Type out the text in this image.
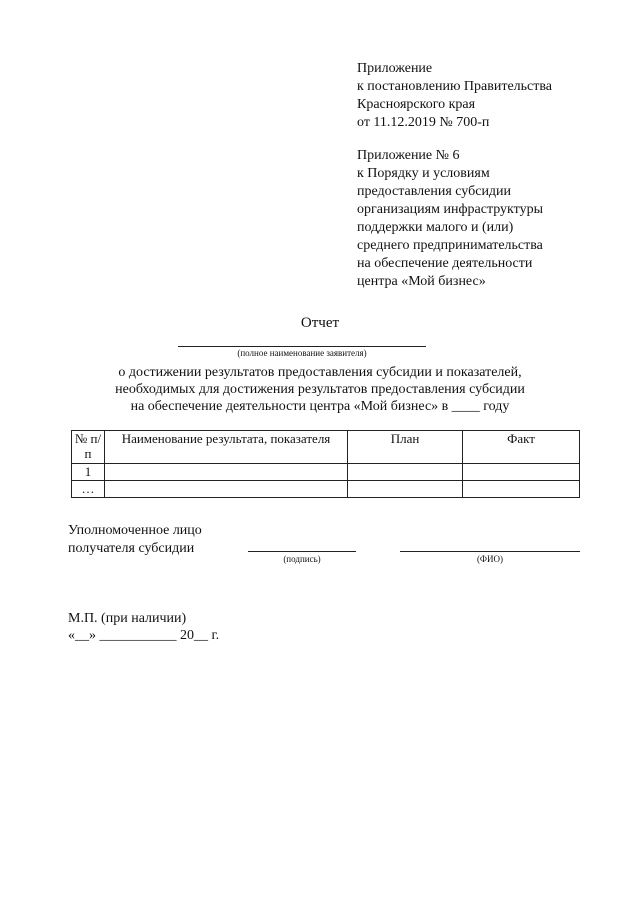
Приложение
к постановлению Правительства
Красноярского края
от 11.12.2019 № 700-п
Приложение № 6
к Порядку и условиям
предоставления субсидии
организациям инфраструктуры
поддержки малого и (или)
среднего предпринимательства
на обеспечение деятельности
центра «Мой бизнес»
Отчет
(полное наименование заявителя)
о достижении результатов предоставления субсидии и показателей,
необходимых для достижения результатов предоставления субсидии
на обеспечение деятельности центра «Мой бизнес» в ____ году
№ п/п	Наименование результата, показателя	План	Факт
1			
…			
Уполномоченное лицо
получателя субсидии
(подпись)	(ФИО)
М.П. (при наличии)
«__» ___________ 20__ г.
